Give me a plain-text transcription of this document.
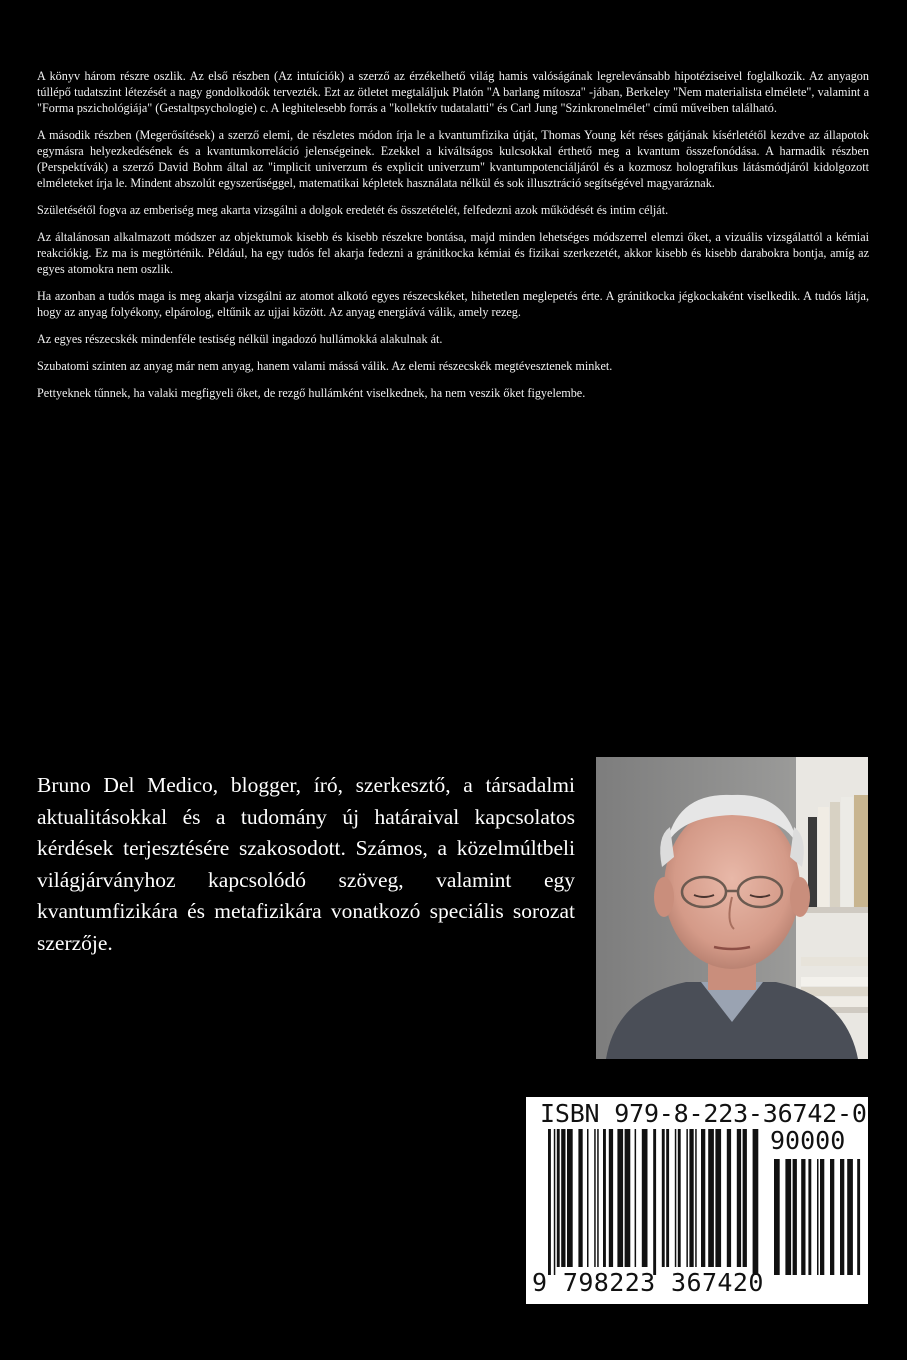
A könyv három részre oszlik. Az első részben (Az intuíciók) a szerző az érzékelhető világ hamis valóságának legrelevánsabb hipotéziseivel foglalkozik. Az anyagon túllépő tudatszint létezését a nagy gondolkodók tervezték. Ezt az ötletet megtaláljuk Platón "A barlang mítosza" -jában, Berkeley "Nem materialista elmélete", valamint a "Forma pszichológiája" (Gestaltpsychologie) c. A leghitelesebb forrás a "kollektív tudatalatti" és Carl Jung "Szinkronelmélet" című műveiben található.

A második részben (Megerősítések) a szerző elemi, de részletes módon írja le a kvantumfizika útját, Thomas Young két réses gátjának kísérletétől kezdve az állapotok egymásra helyezkedésének és a kvantumkorreláció jelenségeinek. Ezekkel a kiváltságos kulcsokkal érthető meg a kvantum összefonódása. A harmadik részben (Perspektívák) a szerző David Bohm által az "implicit univerzum és explicit univerzum" kvantumpotenciáljáról és a kozmosz holografikus látásmódjáról kidolgozott elméleteket írja le. Mindent abszolút egyszerűséggel, matematikai képletek használata nélkül és sok illusztráció segítségével magyaráznak.

Születésétől fogva az emberiség meg akarta vizsgálni a dolgok eredetét és összetételét, felfedezni azok működését és intim célját.

Az általánosan alkalmazott módszer az objektumok kisebb és kisebb részekre bontása, majd minden lehetséges módszerrel elemzi őket, a vizuális vizsgálattól a kémiai reakciókig. Ez ma is megtörténik. Például, ha egy tudós fel akarja fedezni a gránitkocka kémiai és fizikai szerkezetét, akkor kisebb és kisebb darabokra bontja, amíg az egyes atomokra nem oszlik.

Ha azonban a tudós maga is meg akarja vizsgálni az atomot alkotó egyes részecskéket, hihetetlen meglepetés érte. A gránitkocka jégkockaként viselkedik. A tudós látja, hogy az anyag folyékony, elpárolog, eltűnik az ujjai között. Az anyag energiává válik, amely rezeg.

Az egyes részecskék mindenféle testiség nélkül ingadozó hullámokká alakulnak át.

Szubatomi szinten az anyag már nem anyag, hanem valami mássá válik. Az elemi részecskék megtévesztenek minket.

Pettyeknek tűnnek, ha valaki megfigyeli őket, de rezgő hullámként viselkednek, ha nem veszik őket figyelembe.

Bruno Del Medico, blogger, író, szerkesztő, a társadalmi aktualitásokkal és a tudomány új határaival kapcsolatos kérdések terjesztésére szakosodott. Számos, a közelmúltbeli világjárványhoz kapcsolódó szöveg, valamint egy kvantumfizikára és metafizikára vonatkozó speciális sorozat szerzője.
ISBN 979-8-223-36742-0
90000
9 798223 367420
